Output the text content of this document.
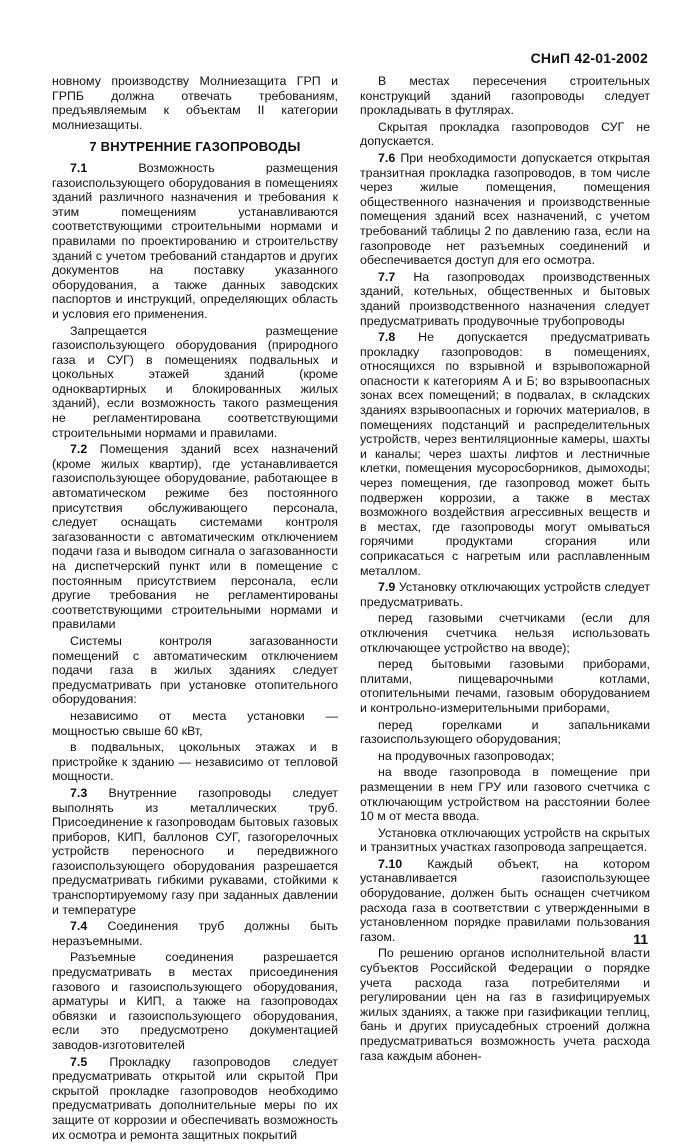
СНиП 42-01-2002

новному производству Молниезащита ГРП и ГРПБ должна отвечать требованиям, предъявляемым к объектам II категории молниезащиты.

7 ВНУТРЕННИЕ ГАЗОПРОВОДЫ

7.1	Возможность размещения газоиспользующего оборудования в помещениях зданий различного назначения и требования к этим помещениям устанавливаются соответствующими строительными нормами и правилами по проектированию и строительству зданий с учетом требований стандартов и других документов на поставку указанного оборудования, а также данных заводских паспортов и инструкций, определяющих область и условия его применения.

Запрещается размещение газоиспользующего оборудования (природного газа и СУГ) в помещениях подвальных и цокольных этажей зданий (кроме одноквартирных и блокированных жилых зданий), если возможность такого размещения не регламентирована соответствующими строительными нормами и правилами.

7.2 Помещения зданий всех назначений (кроме жилых квартир), где устанавливается газоиспользующее оборудование, работающее в автоматическом режиме без постоянного присутствия обслуживающего персонала, следует оснащать системами контроля загазованности с автоматическим отключением подачи газа и выводом сигнала о загазованности на диспетчерский пункт или в помещение с постоянным присутствием персонала, если другие требования не регламентированы соответствующими строительными нормами и правилами

Системы контроля загазованности помещений с автоматическим отключением подачи газа в жилых зданиях следует предусматривать при установке отопительного оборудования:

независимо от места установки — мощностью свыше 60 кВт,

в подвальных, цокольных этажах и в пристройке к зданию — независимо от тепловой мощности.

7.3 Внутренние газопроводы следует выполнять из металлических труб. Присоединение к газопроводам бытовых газовых приборов, КИП, баллонов СУГ, газогорелочных устройств переносного и передвижного газоиспользующего оборудования разрешается предусматривать гибкими рукавами, стойкими к транспортируемому газу при заданных давлении и температуре

7.4 Соединения труб должны быть неразъемными.

Разъемные соединения разрешается предусматривать в местах присоединения газового и газоиспользующего оборудования, арматуры и КИП, а также на газопроводах обвязки и газоиспользующего оборудования, если это предусмотрено документацией заводов-изготовителей

7.5 Прокладку газопроводов следует предусматривать открытой или скрытой При скрытой прокладке газопроводов необходимо предусматривать дополнительные меры по их защите от коррозии и обеспечивать возможность их осмотра и ремонта защитных покрытий

В местах пересечения строительных конструкций зданий газопроводы следует прокладывать в футлярах.

Скрытая прокладка газопроводов СУГ не допускается.

7.6 При необходимости допускается открытая транзитная прокладка газопроводов, в том числе через жилые помещения, помещения общественного назначения и производственные помещения зданий всех назначений, с учетом требований таблицы 2 по давлению газа, если на газопроводе нет разъемных соединений и обеспечивается доступ для его осмотра.

7.7 На газопроводах производственных зданий, котельных, общественных и бытовых зданий производственного назначения следует предусматривать продувочные трубопроводы

7.8 Не допускается предусматривать прокладку газопроводов: в помещениях, относящихся по взрывной и взрывопожарной опасности к категориям А и Б; во взрывоопасных зонах всех помещений; в подвалах, в складских зданиях взрывоопасных и горючих материалов, в помещениях подстанций и распределительных устройств, через вентиляционные камеры, шахты и каналы; через шахты лифтов и лестничные клетки, помещения мусоросборников, дымоходы; через помещения, где газопровод может быть подвержен коррозии, а также в местах возможного воздействия агрессивных веществ и в местах, где газопроводы могут омываться горячими продуктами сгорания или соприкасаться с нагретым или расплавленным металлом.

7.9 Установку отключающих устройств следует предусматривать.

перед газовыми счетчиками (если для отключения счетчика нельзя использовать отключающее устройство на вводе);

перед бытовыми газовыми приборами, плитами, пищеварочными котлами, отопительными печами, газовым оборудованием и контрольно-измерительными приборами,

перед горелками и запальниками газоиспользующего оборудования;

на продувочных газопроводах;

на вводе газопровода в помещение при размещении в нем ГРУ или газового счетчика с отключающим устройством на расстоянии более 10 м от места ввода.

Установка отключающих устройств на скрытых и транзитных участках газопровода запрещается.

7.10 Каждый объект, на котором устанавливается газоиспользующее оборудование, должен быть оснащен счетчиком расхода газа в соответствии с утвержденными в установленном порядке правилами пользования газом.

По решению органов исполнительной власти субъектов Российской Федерации о порядке учета расхода газа потребителями и регулировании цен на газ в газифицируемых жилых зданиях, а также при газификации теплиц, бань и других приусадебных строений должна предусматриваться возможность учета расхода газа каждым абонен-

11
